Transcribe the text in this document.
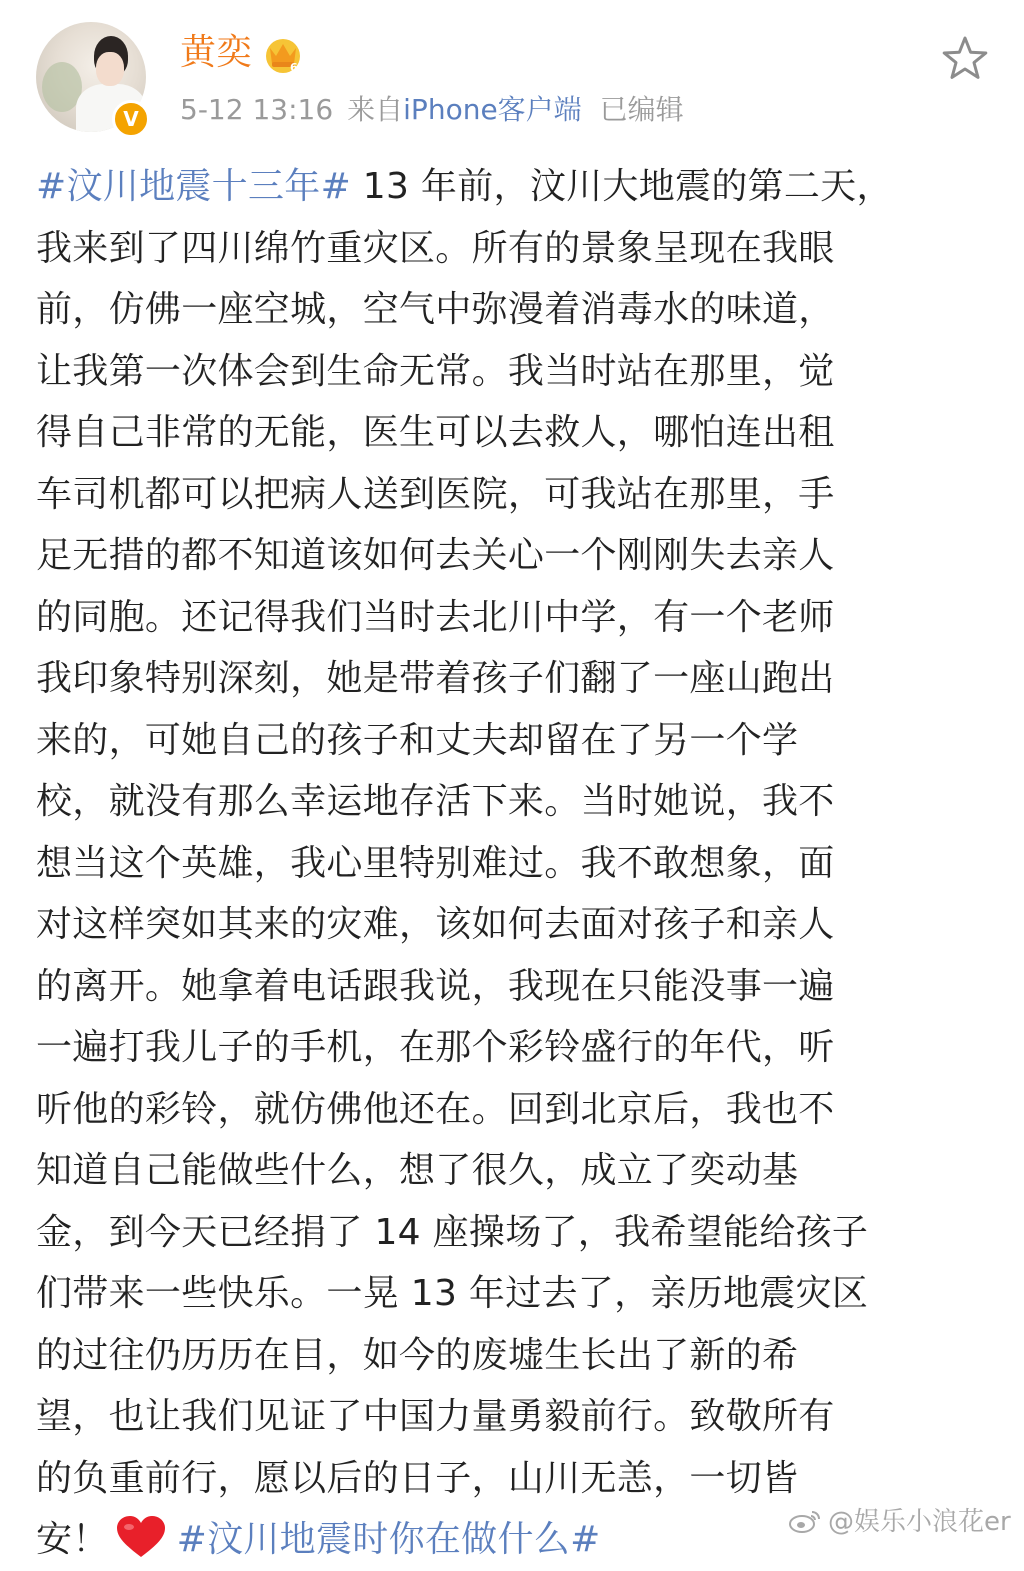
V
黄奕	6
5-12 13:16 来自iPhone客户端 已编辑
#汶川地震十三年# 13 年前，汶川大地震的第二天，
我来到了四川绵竹重灾区。所有的景象呈现在我眼
前，仿佛一座空城，空气中弥漫着消毒水的味道，
让我第一次体会到生命无常。我当时站在那里，觉
得自己非常的无能，医生可以去救人，哪怕连出租
车司机都可以把病人送到医院，可我站在那里，手
足无措的都不知道该如何去关心一个刚刚失去亲人
的同胞。还记得我们当时去北川中学，有一个老师
我印象特别深刻，她是带着孩子们翻了一座山跑出
来的，可她自己的孩子和丈夫却留在了另一个学
校，就没有那么幸运地存活下来。当时她说，我不
想当这个英雄，我心里特别难过。我不敢想象，面
对这样突如其来的灾难，该如何去面对孩子和亲人
的离开。她拿着电话跟我说，我现在只能没事一遍
一遍打我儿子的手机，在那个彩铃盛行的年代，听
听他的彩铃，就仿佛他还在。回到北京后，我也不
知道自己能做些什么，想了很久，成立了奕动基
金，到今天已经捐了 14 座操场了，我希望能给孩子
们带来一些快乐。一晃 13 年过去了，亲历地震灾区
的过往仍历历在目，如今的废墟生长出了新的希
望，也让我们见证了中国力量勇毅前行。致敬所有
的负重前行，愿以后的日子，山川无恙，一切皆
安！ #汶川地震时你在做什么#	@娱乐小浪花er
